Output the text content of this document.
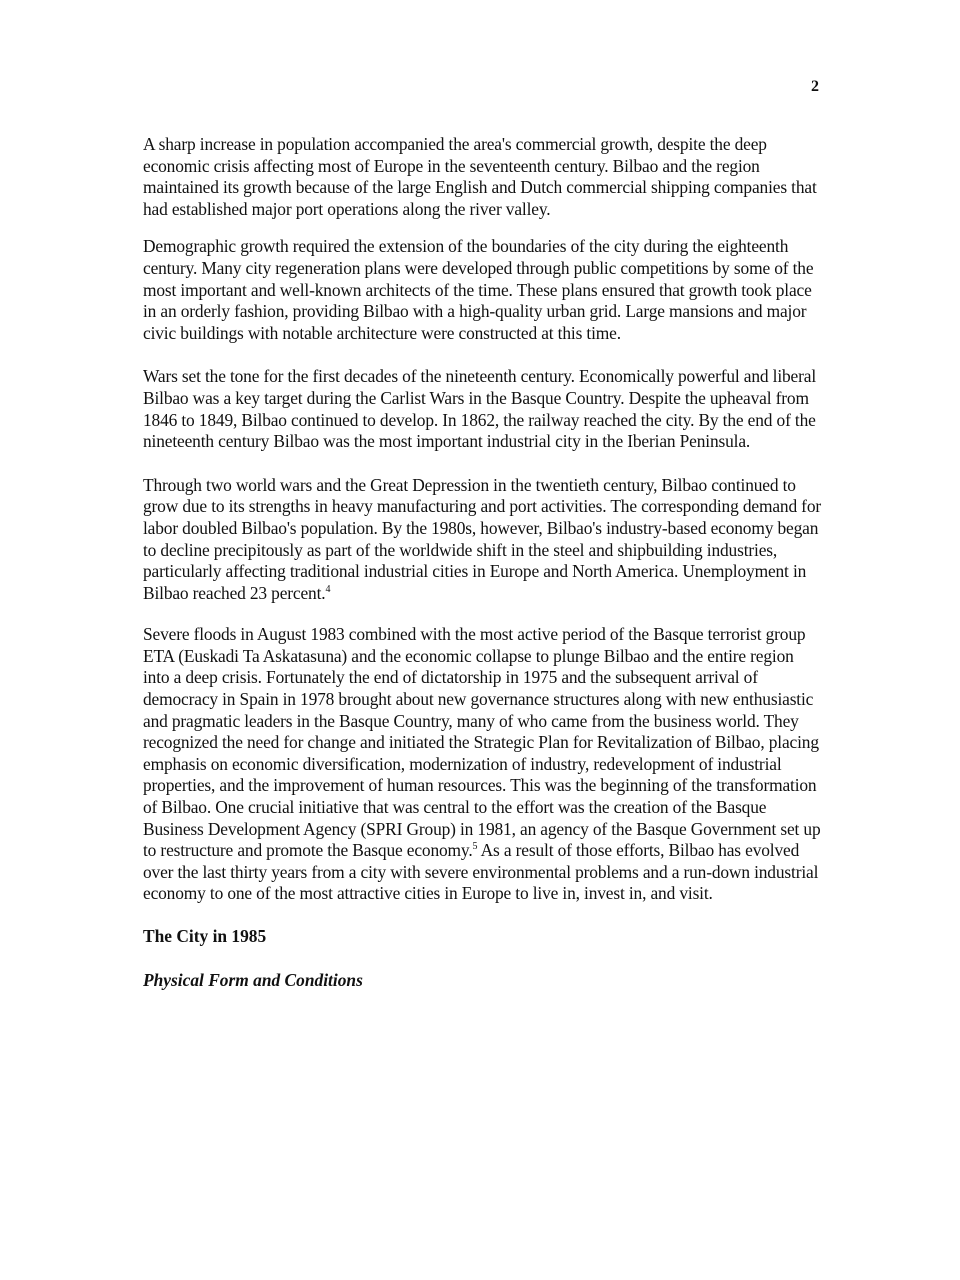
2

A sharp increase in population accompanied the area's commercial growth, despite the deep economic crisis affecting most of Europe in the seventeenth century. Bilbao and the region maintained its growth because of the large English and Dutch commercial shipping companies that had established major port operations along the river valley.

Demographic growth required the extension of the boundaries of the city during the eighteenth century. Many city regeneration plans were developed through public competitions by some of the most important and well-known architects of the time. These plans ensured that growth took place in an orderly fashion, providing Bilbao with a high-quality urban grid. Large mansions and major civic buildings with notable architecture were constructed at this time.

Wars set the tone for the first decades of the nineteenth century. Economically powerful and liberal Bilbao was a key target during the Carlist Wars in the Basque Country. Despite the upheaval from 1846 to 1849, Bilbao continued to develop. In 1862, the railway reached the city. By the end of the nineteenth century Bilbao was the most important industrial city in the Iberian Peninsula.

Through two world wars and the Great Depression in the twentieth century, Bilbao continued to grow due to its strengths in heavy manufacturing and port activities. The corresponding demand for labor doubled Bilbao's population. By the 1980s, however, Bilbao's industry-based economy began to decline precipitously as part of the worldwide shift in the steel and shipbuilding industries, particularly affecting traditional industrial cities in Europe and North America. Unemployment in Bilbao reached 23 percent.$^4$

Severe floods in August 1983 combined with the most active period of the Basque terrorist group ETA (Euskadi Ta Askatasuna) and the economic collapse to plunge Bilbao and the entire region into a deep crisis. Fortunately the end of dictatorship in 1975 and the subsequent arrival of democracy in Spain in 1978 brought about new governance structures along with new enthusiastic and pragmatic leaders in the Basque Country, many of who came from the business world. They recognized the need for change and initiated the Strategic Plan for Revitalization of Bilbao, placing emphasis on economic diversification, modernization of industry, redevelopment of industrial properties, and the improvement of human resources. This was the beginning of the transformation of Bilbao. One crucial initiative that was central to the effort was the creation of the Basque Business Development Agency (SPRI Group) in 1981, an agency of the Basque Government set up to restructure and promote the Basque economy.$^5$ As a result of those efforts, Bilbao has evolved over the last thirty years from a city with severe environmental problems and a run-down industrial economy to one of the most attractive cities in Europe to live in, invest in, and visit.

The City in 1985

Physical Form and Conditions
